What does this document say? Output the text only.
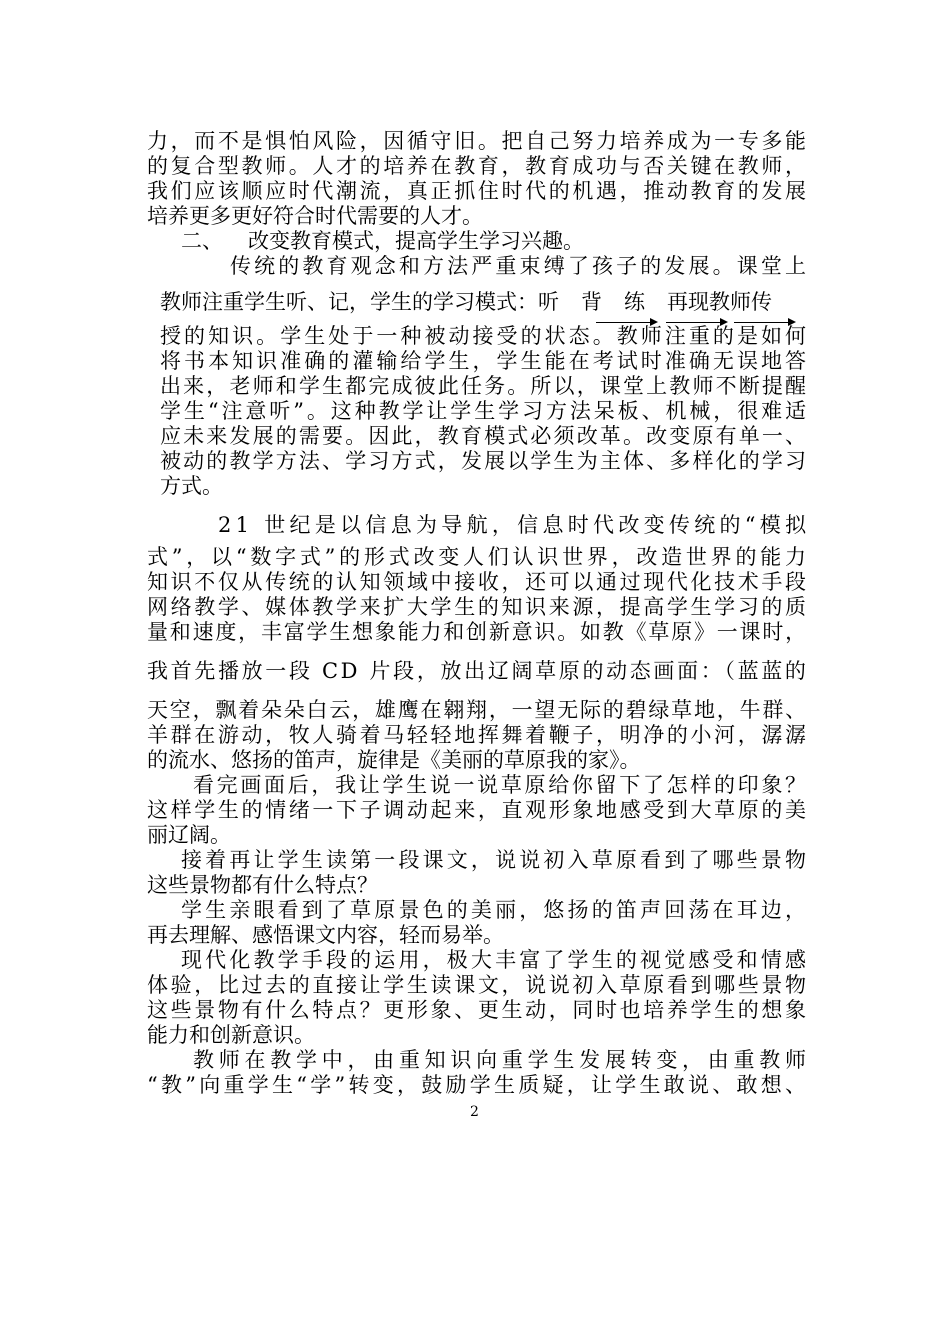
力，而不是惧怕风险，因循守旧。把自己努力培养成为一专多能
的复合型教师。人才的培养在教育，教育成功与否关键在教师，
我们应该顺应时代潮流，真正抓住时代的机遇，推动教育的发展
培养更多更好符合时代需要的人才。
二、 改变教育模式，提高学生学习兴趣。
传统的教育观念和方法严重束缚了孩子的发展。课堂上
教师注重学生听、记，学生的学习模式：听 背 练 再现教师传
授的知识。学生处于一种被动接受的状态。教师注重的是如何
将书本知识准确的灌输给学生，学生能在考试时准确无误地答
出来，老师和学生都完成彼此任务。所以，课堂上教师不断提醒
学生“注意听”。这种教学让学生学习方法呆板、机械，很难适
应未来发展的需要。因此，教育模式必须改革。改变原有单一、
被动的教学方法、学习方式，发展以学生为主体、多样化的学习
方式。
21 世纪是以信息为导航，信息时代改变传统的“模拟
式”，以“数字式”的形式改变人们认识世界，改造世界的能力
知识不仅从传统的认知领域中接收，还可以通过现代化技术手段
网络教学、媒体教学来扩大学生的知识来源，提高学生学习的质
量和速度，丰富学生想象能力和创新意识。如教《草原》一课时，
我首先播放一段 CD 片段，放出辽阔草原的动态画面：（蓝蓝的
天空，飘着朵朵白云，雄鹰在翱翔，一望无际的碧绿草地，牛群、
羊群在游动，牧人骑着马轻轻地挥舞着鞭子，明净的小河，潺潺
的流水、悠扬的笛声，旋律是《美丽的草原我的家》。
看完画面后，我让学生说一说草原给你留下了怎样的印象？
这样学生的情绪一下子调动起来，直观形象地感受到大草原的美
丽辽阔。
接着再让学生读第一段课文，说说初入草原看到了哪些景物
这些景物都有什么特点？
学生亲眼看到了草原景色的美丽，悠扬的笛声回荡在耳边，
再去理解、感悟课文内容，轻而易举。
现代化教学手段的运用，极大丰富了学生的视觉感受和情感
体验，比过去的直接让学生读课文，说说初入草原看到哪些景物
这些景物有什么特点？更形象、更生动，同时也培养学生的想象
能力和创新意识。
教师在教学中，由重知识向重学生发展转变，由重教师
“教”向重学生“学”转变，鼓励学生质疑，让学生敢说、敢想、
2
